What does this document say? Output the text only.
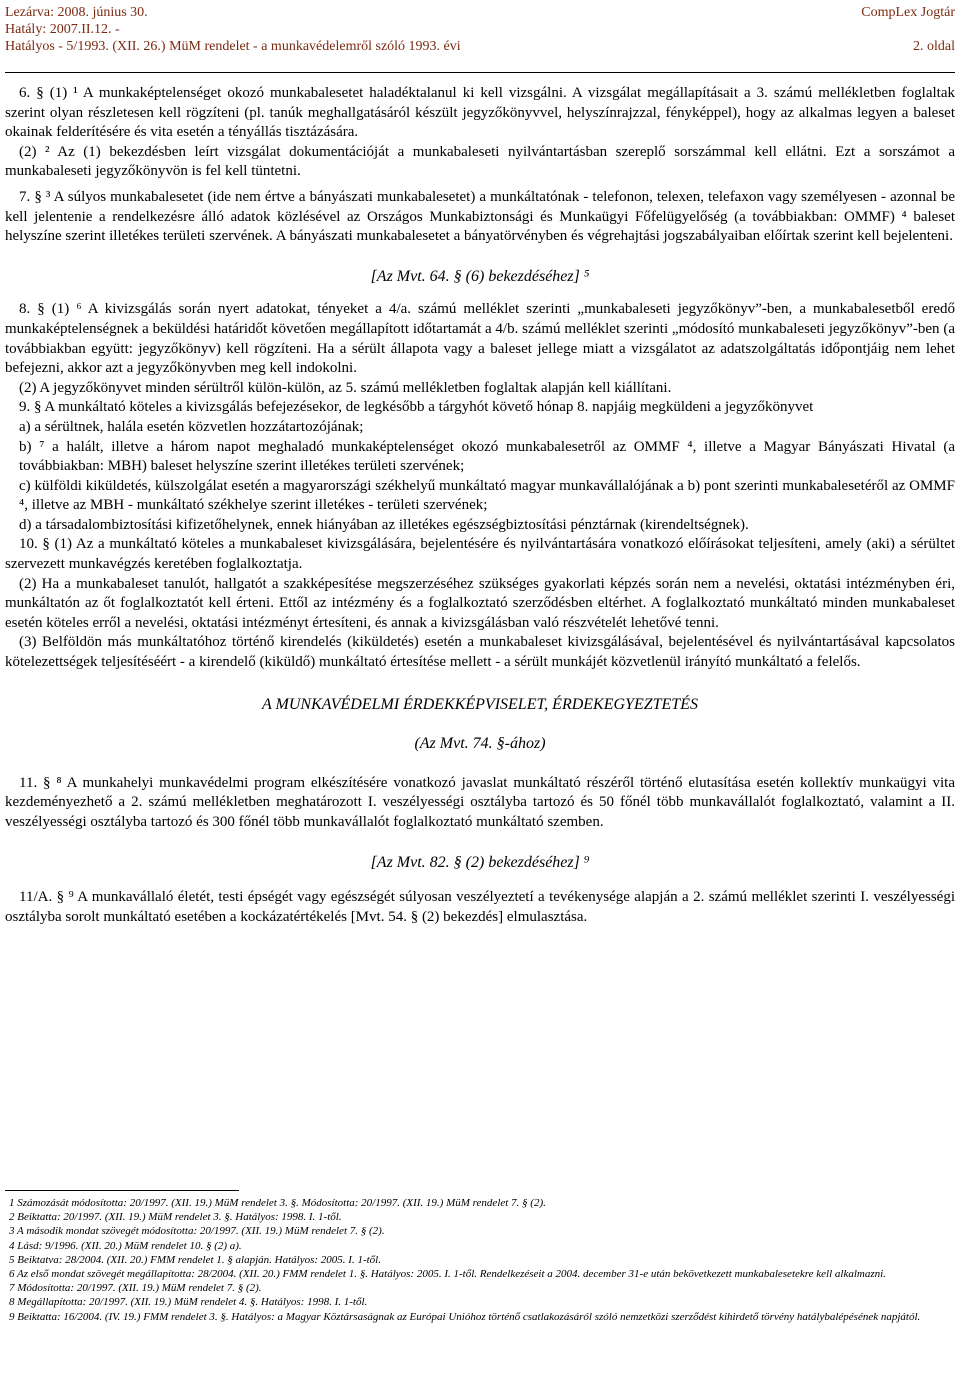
Lezárva: 2008. június 30.	CompLex Jogtár
Hatály: 2007.II.12. -
Hatályos - 5/1993. (XII. 26.) MüM rendelet - a munkavédelemről szóló 1993. évi	2. oldal

6. § (1) ¹ A munkaképtelenséget okozó munkabalesetet haladéktalanul ki kell vizsgálni. A vizsgálat megállapításait a 3. számú mellékletben foglaltak szerint olyan részletesen kell rögzíteni (pl. tanúk meghallgatásáról készült jegyzőkönyvvel, helyszínrajzzal, fényképpel), hogy az alkalmas legyen a baleset okainak felderítésére és vita esetén a tényállás tisztázására.

(2) ² Az (1) bekezdésben leírt vizsgálat dokumentációját a munkabaleseti nyilvántartásban szereplő sorszámmal kell ellátni. Ezt a sorszámot a munkabaleseti jegyzőkönyvön is fel kell tüntetni.

7. § ³ A súlyos munkabalesetet (ide nem értve a bányászati munkabalesetet) a munkáltatónak - telefonon, telexen, telefaxon vagy személyesen - azonnal be kell jelentenie a rendelkezésre álló adatok közlésével az Országos Munkabiztonsági és Munkaügyi Főfelügyelőség (a továbbiakban: OMMF) ⁴ baleset helyszíne szerint illetékes területi szervének. A bányászati munkabalesetet a bányatörvényben és végrehajtási jogszabályaiban előírtak szerint kell bejelenteni.

[Az Mvt. 64. § (6) bekezdéséhez] ⁵

8. § (1) ⁶ A kivizsgálás során nyert adatokat, tényeket a 4/a. számú melléklet szerinti „munkabaleseti jegyzőkönyv”-ben, a munkabalesetből eredő munkaképtelenségnek a beküldési határidőt követően megállapított időtartamát a 4/b. számú melléklet szerinti „módosító munkabaleseti jegyzőkönyv”-ben (a továbbiakban együtt: jegyzőkönyv) kell rögzíteni. Ha a sérült állapota vagy a baleset jellege miatt a vizsgálatot az adatszolgáltatás időpontjáig nem lehet befejezni, akkor azt a jegyzőkönyvben meg kell indokolni.

(2) A jegyzőkönyvet minden sérültről külön-külön, az 5. számú mellékletben foglaltak alapján kell kiállítani.

9. § A munkáltató köteles a kivizsgálás befejezésekor, de legkésőbb a tárgyhót követő hónap 8. napjáig megküldeni a jegyzőkönyvet

a) a sérültnek, halála esetén közvetlen hozzátartozójának;

b) ⁷ a halált, illetve a három napot meghaladó munkaképtelenséget okozó munkabalesetről az OMMF ⁴, illetve a Magyar Bányászati Hivatal (a továbbiakban: MBH) baleset helyszíne szerint illetékes területi szervének;

c) külföldi kiküldetés, külszolgálat esetén a magyarországi székhelyű munkáltató magyar munkavállalójának a b) pont szerinti munkabalesetéről az OMMF ⁴, illetve az MBH - munkáltató székhelye szerint illetékes - területi szervének;

d) a társadalombiztosítási kifizetőhelynek, ennek hiányában az illetékes egészségbiztosítási pénztárnak (kirendeltségnek).

10. § (1) Az a munkáltató köteles a munkabaleset kivizsgálására, bejelentésére és nyilvántartására vonatkozó előírásokat teljesíteni, amely (aki) a sérültet szervezett munkavégzés keretében foglalkoztatja.

(2) Ha a munkabaleset tanulót, hallgatót a szakképesítése megszerzéséhez szükséges gyakorlati képzés során nem a nevelési, oktatási intézményben éri, munkáltatón az őt foglalkoztatót kell érteni. Ettől az intézmény és a foglalkoztató szerződésben eltérhet. A foglalkoztató munkáltató minden munkabaleset esetén köteles erről a nevelési, oktatási intézményt értesíteni, és annak a kivizsgálásban való részvételét lehetővé tenni.

(3) Belföldön más munkáltatóhoz történő kirendelés (kiküldetés) esetén a munkabaleset kivizsgálásával, bejelentésével és nyilvántartásával kapcsolatos kötelezettségek teljesítéséért - a kirendelő (kiküldő) munkáltató értesítése mellett - a sérült munkájét közvetlenül irányító munkáltató a felelős.

A MUNKAVÉDELMI ÉRDEKKÉPVISELET, ÉRDEKEGYEZTETÉS

(Az Mvt. 74. §-ához)

11. § ⁸ A munkahelyi munkavédelmi program elkészítésére vonatkozó javaslat munkáltató részéről történő elutasítása esetén kollektív munkaügyi vita kezdeményezhető a 2. számú mellékletben meghatározott I. veszélyességi osztályba tartozó és 50 főnél több munkavállalót foglalkoztató, valamint a II. veszélyességi osztályba tartozó és 300 főnél több munkavállalót foglalkoztató munkáltató szemben.

[Az Mvt. 82. § (2) bekezdéséhez] ⁹

11/A. § ⁹ A munkavállaló életét, testi épségét vagy egészségét súlyosan veszélyeztetí a tevékenysége alapján a 2. számú melléklet szerinti I. veszélyességi osztályba sorolt munkáltató esetében a kockázatértékelés [Mvt. 54. § (2) bekezdés] elmulasztása.

1 Számozását módosította: 20/1997. (XII. 19.) MüM rendelet 3. §. Módosította: 20/1997. (XII. 19.) MüM rendelet 7. § (2).
2 Beiktatta: 20/1997. (XII. 19.) MüM rendelet 3. §. Hatályos: 1998. I. 1-től.
3 A második mondat szövegét módosította: 20/1997. (XII. 19.) MüM rendelet 7. § (2).
4 Lásd: 9/1996. (XII. 20.) MüM rendelet 10. § (2) a).
5 Beiktatva: 28/2004. (XII. 20.) FMM rendelet 1. § alapján. Hatályos: 2005. I. 1-től.
6 Az első mondat szövegét megállapította: 28/2004. (XII. 20.) FMM rendelet 1. §. Hatályos: 2005. I. 1-től. Rendelkezéseit a 2004. december 31-e után bekövetkezett munkabalesetekre kell alkalmazni.
7 Módosította: 20/1997. (XII. 19.) MüM rendelet 7. § (2).
8 Megállapította: 20/1997. (XII. 19.) MüM rendelet 4. §. Hatályos: 1998. I. 1-től.
9 Beiktatta: 16/2004. (IV. 19.) FMM rendelet 3. §. Hatályos: a Magyar Köztársaságnak az Európai Unióhoz történő csatlakozásáról szóló nemzetközi szerződést kihirdető törvény hatálybalépésének napjától.
